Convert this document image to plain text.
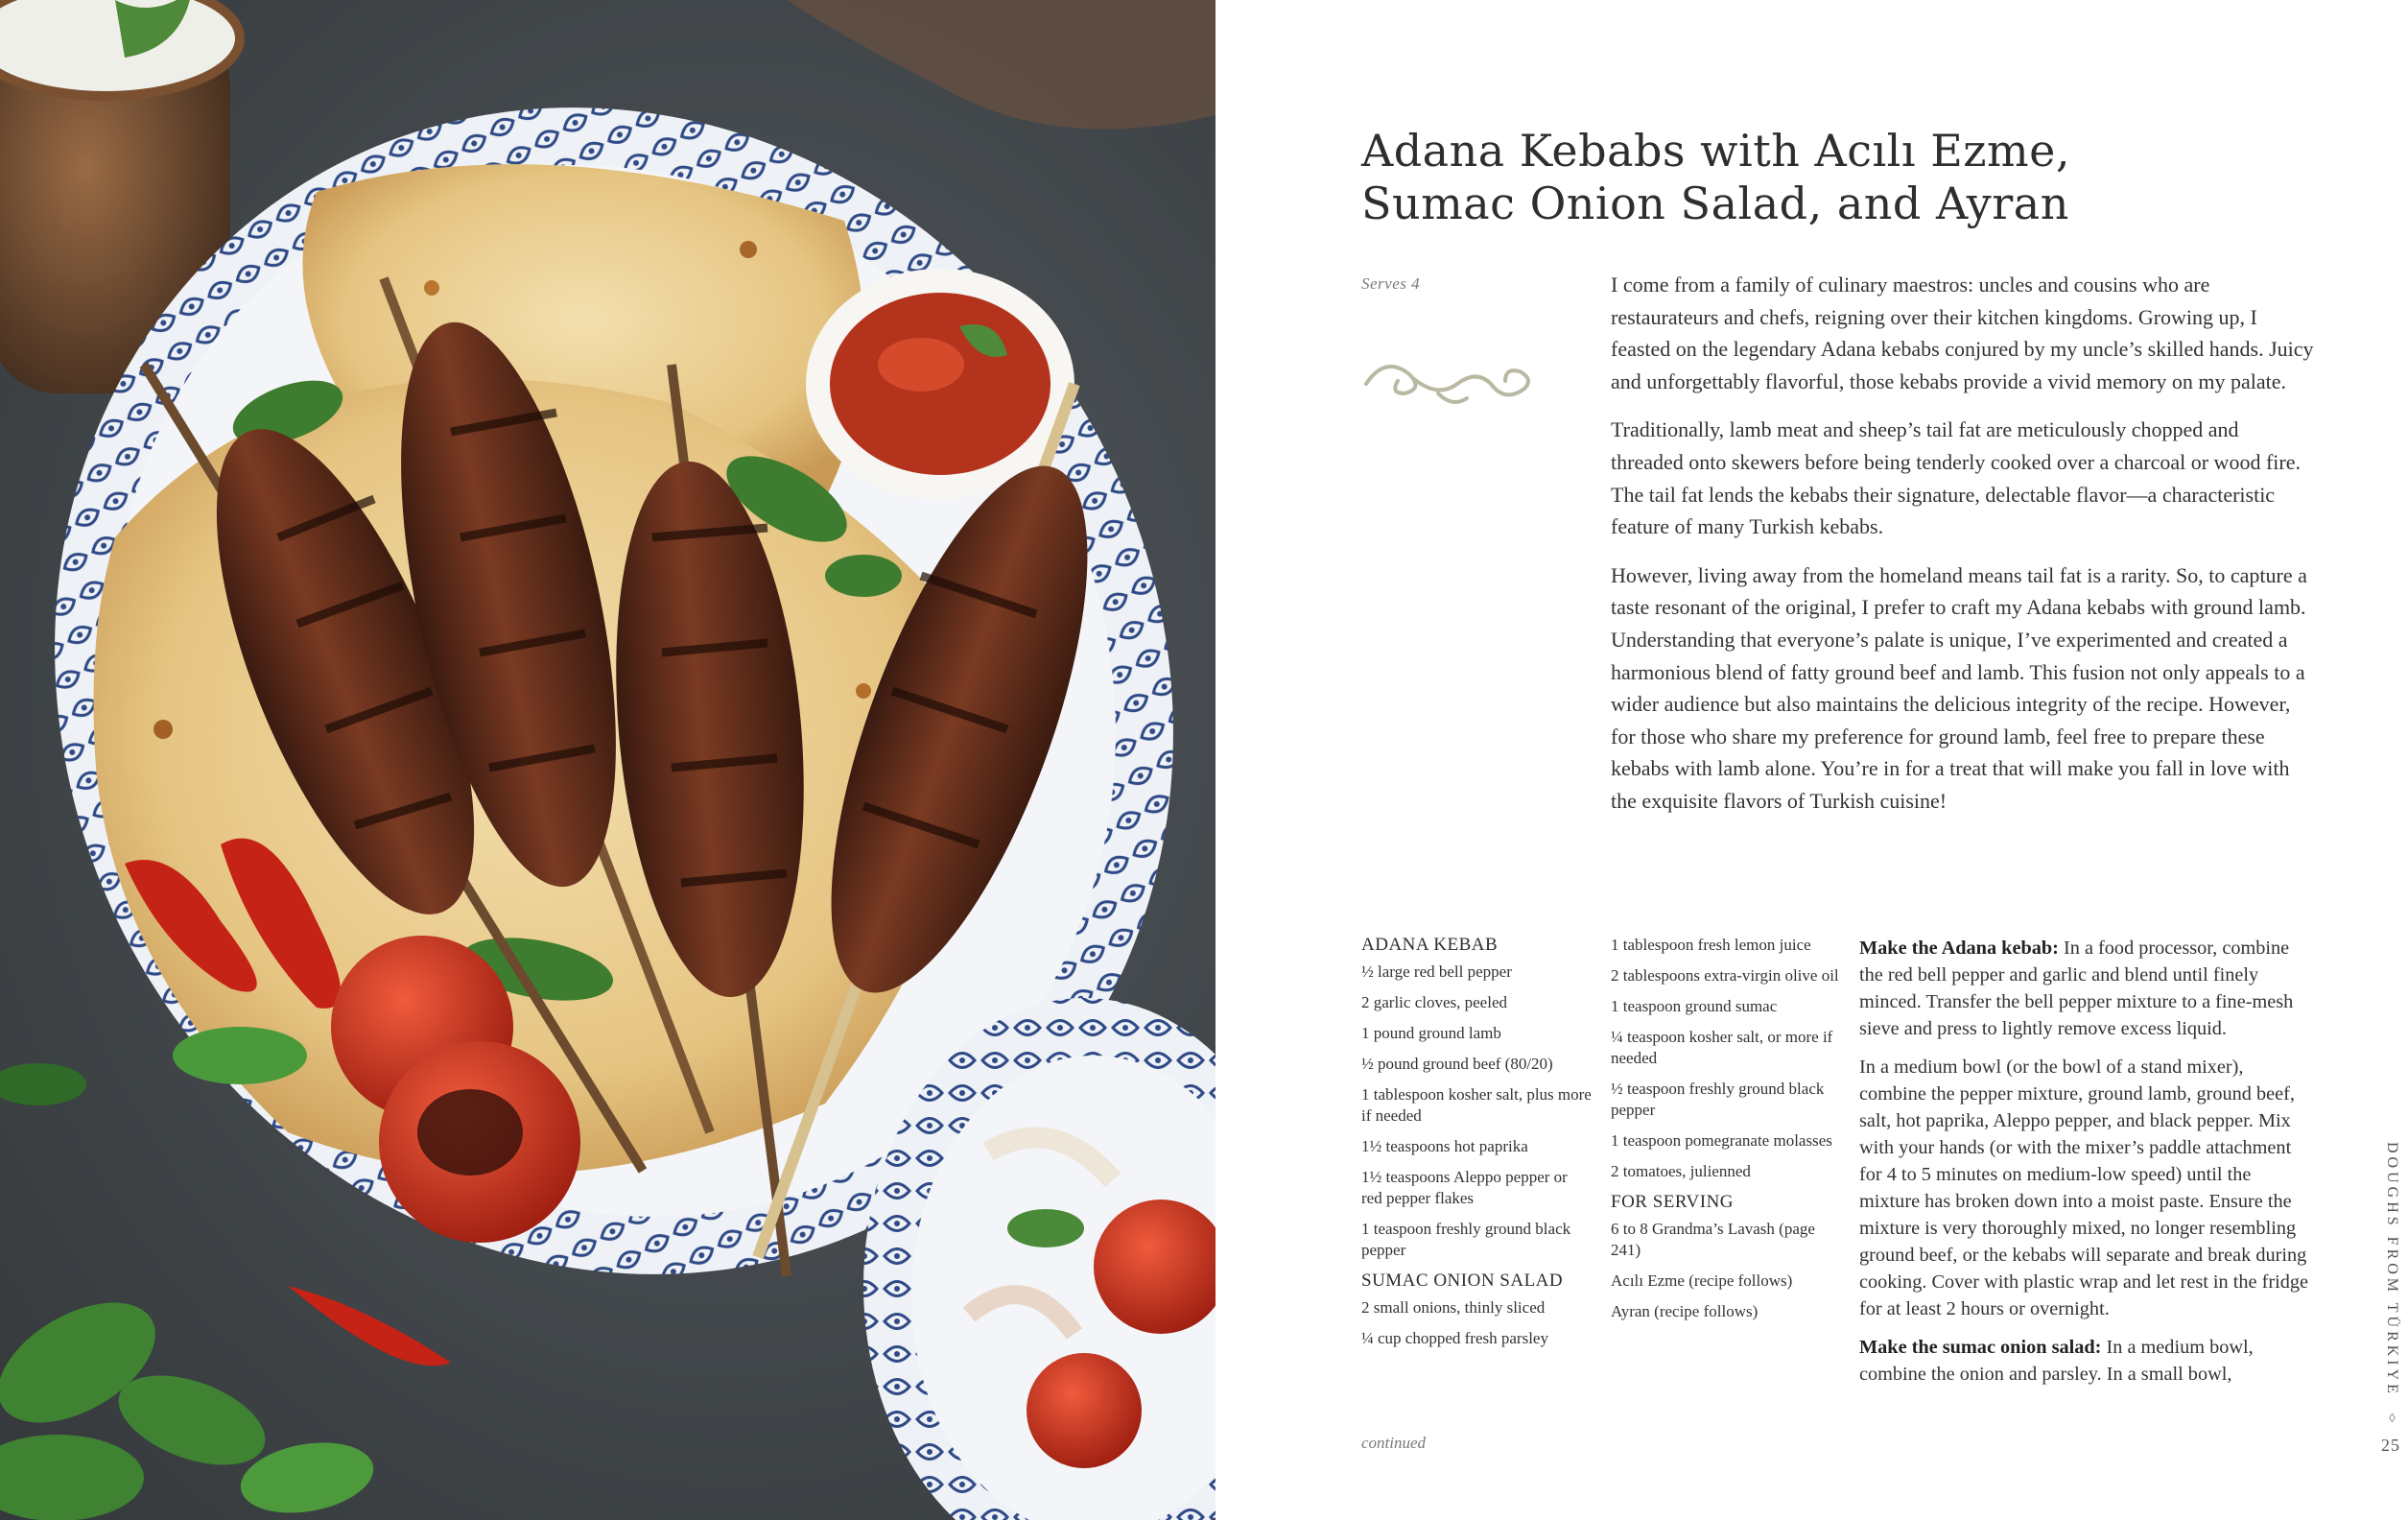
Adana Kebabs with Acılı Ezme,
Sumac Onion Salad, and Ayran
Serves 4	I come from a family of culinary maestros: uncles and cousins who are restaurateurs and chefs, reigning over their kitchen kingdoms. Growing up, I feasted on the legendary Adana kebabs conjured by my uncle’s skilled hands. Juicy and unforgettably flavorful, those kebabs provide a vivid memory on my palate.

Traditionally, lamb meat and sheep’s tail fat are meticulously chopped and threaded onto skewers before being tenderly cooked over a charcoal or wood fire. The tail fat lends the kebabs their signature, delectable flavor—a characteristic feature of many Turkish kebabs.

However, living away from the homeland means tail fat is a rarity. So, to capture a taste resonant of the original, I prefer to craft my Adana kebabs with ground lamb. Understanding that everyone’s palate is unique, I’ve experimented and created a harmonious blend of fatty ground beef and lamb. This fusion not only appeals to a wider audience but also maintains the delicious integrity of the recipe. However, for those who share my preference for ground lamb, feel free to prepare these kebabs with lamb alone. You’re in for a treat that will make you fall in love with the exquisite flavors of Turkish cuisine!

ADANA KEBAB
½ large red bell pepper
2 garlic cloves, peeled
1 pound ground lamb
½ pound ground beef (80/20)
1 tablespoon kosher salt, plus more if needed
1½ teaspoons hot paprika
1½ teaspoons Aleppo pepper or red pepper flakes
1 teaspoon freshly ground black pepper
SUMAC ONION SALAD
2 small onions, thinly sliced
¼ cup chopped fresh parsley
1 tablespoon fresh lemon juice
2 tablespoons extra-virgin olive oil
1 teaspoon ground sumac
¼ teaspoon kosher salt, or more if needed
½ teaspoon freshly ground black pepper
1 teaspoon pomegranate molasses
2 tomatoes, julienned
FOR SERVING
6 to 8 Grandma’s Lavash (page 241)
Acılı Ezme (recipe follows)
Ayran (recipe follows)

Make the Adana kebab: In a food processor, combine the red bell pepper and garlic and blend until finely minced. Transfer the bell pepper mixture to a fine-mesh sieve and press to lightly remove excess liquid.

In a medium bowl (or the bowl of a stand mixer), combine the pepper mixture, ground lamb, ground beef, salt, hot paprika, Aleppo pepper, and black pepper. Mix with your hands (or with the mixer’s paddle attachment for 4 to 5 minutes on medium-low speed) until the mixture has broken down into a moist paste. Ensure the mixture is very thoroughly mixed, no longer resembling ground beef, or the kebabs will separate and break during cooking. Cover with plastic wrap and let rest in the fridge for at least 2 hours or overnight.

Make the sumac onion salad: In a medium bowl, combine the onion and parsley. In a small bowl,

continued
DOUGHS FROM TÜRKIYE ◊
25
